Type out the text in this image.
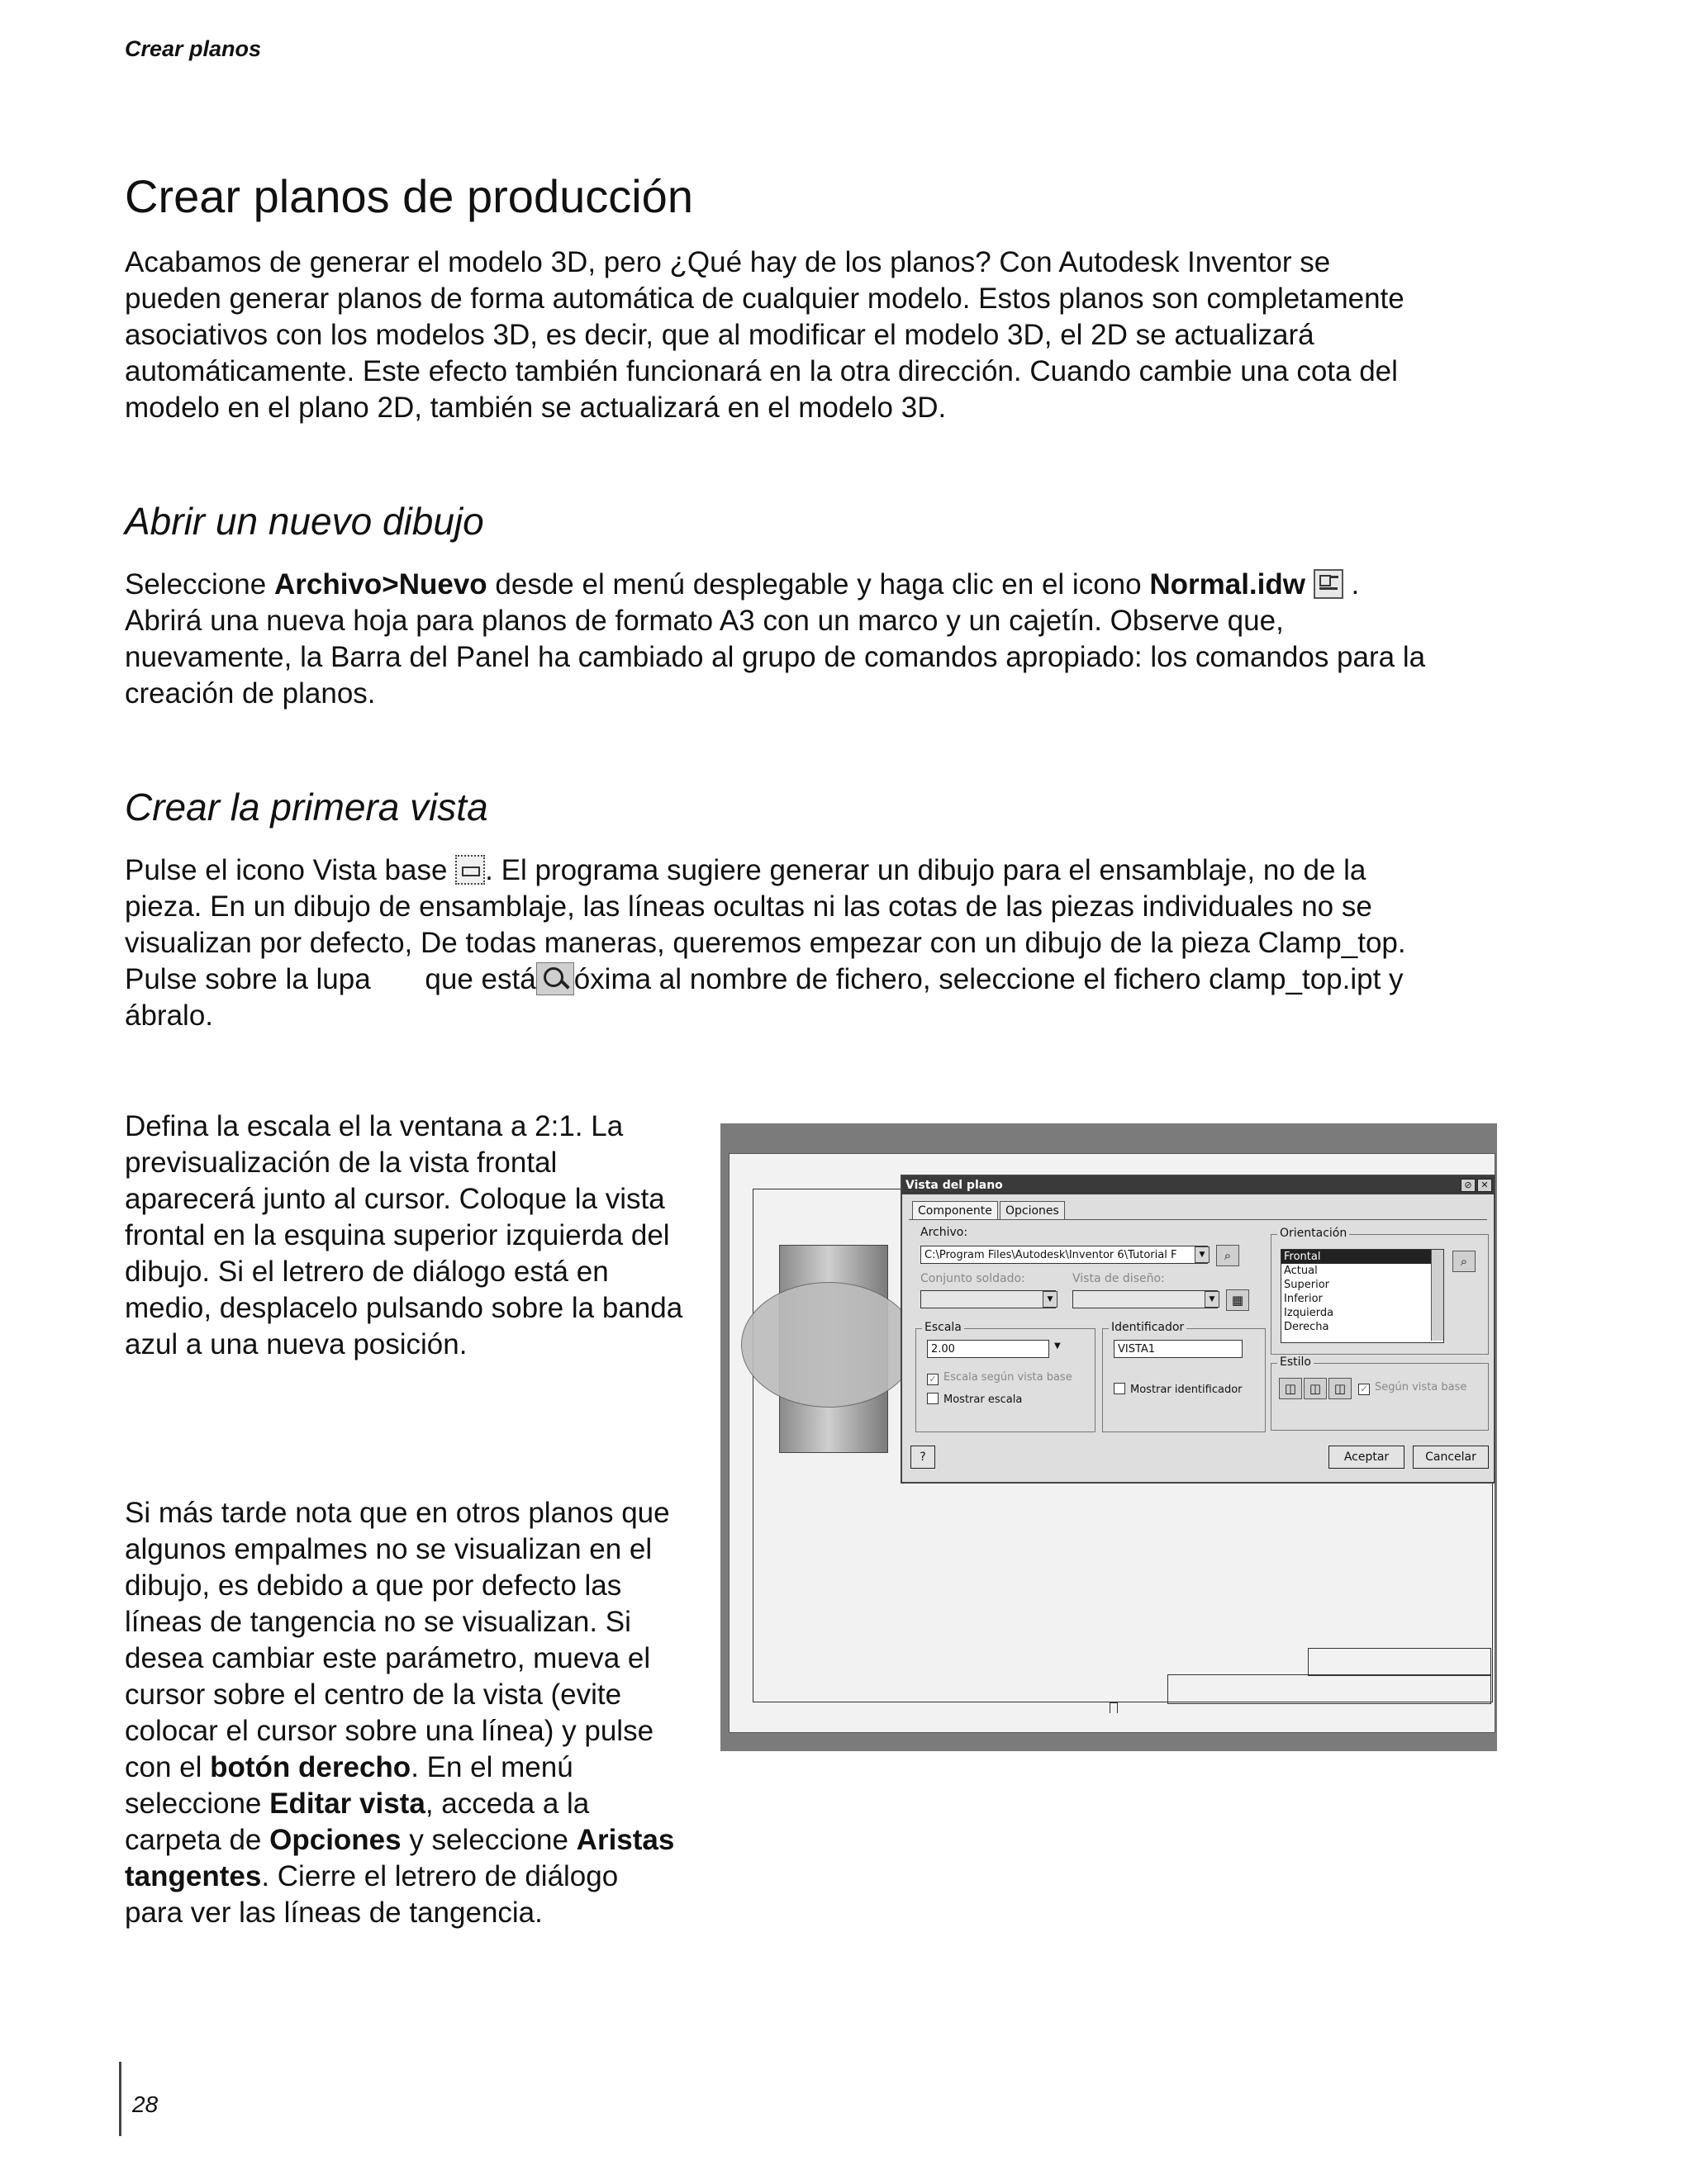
Crear planos
Crear planos de producción

Acabamos de generar el modelo 3D, pero ¿Qué hay de los planos? Con Autodesk Inventor se

pueden generar planos de forma automática de cualquier modelo. Estos planos son completamente

asociativos con los modelos 3D, es decir, que al modificar el modelo 3D, el 2D se actualizará

automáticamente. Este efecto también funcionará en la otra dirección. Cuando cambie una cota del

modelo en el plano 2D, también se actualizará en el modelo 3D.

Abrir un nuevo dibujo

Seleccione Archivo>Nuevo desde el menú desplegable y haga clic en el icono Normal.idw .

Abrirá una nueva hoja para planos de formato A3 con un marco y un cajetín. Observe que,

nuevamente, la Barra del Panel ha cambiado al grupo de comandos apropiado: los comandos para la

creación de planos.

Crear la primera vista

Pulse el icono Vista base
. El programa sugiere generar un dibujo para el ensamblaje, no de la

pieza. En un dibujo de ensamblaje, las líneas ocultas ni las cotas de las piezas individuales no se

visualizan por defecto, De todas maneras, queremos empezar con un dibujo de la pieza Clamp_top.

Pulse sobre la lupa que está óxima al nombre de fichero, seleccione el fichero clamp_top.ipt y

ábralo.

Defina la escala el la ventana a 2:1. La

previsualización de la vista frontal

aparecerá junto al cursor. Coloque la vista

frontal en la esquina superior izquierda del

dibujo. Si el letrero de diálogo está en

medio, desplacelo pulsando sobre la banda

azul a una nueva posición.

Si más tarde nota que en otros planos que

algunos empalmes no se visualizan en el

dibujo, es debido a que por defecto las

líneas de tangencia no se visualizan. Si

desea cambiar este parámetro, mueva el

cursor sobre el centro de la vista (evite

colocar el cursor sobre una línea) y pulse

con el botón derecho. En el menú

seleccione Editar vista, acceda a la

carpeta de Opciones y seleccione Aristas

tangentes. Cierre el letrero de diálogo

para ver las líneas de tangencia.

Vista del plano	⊘ ✕
Componente	Opciones
Archivo:
C:\Program Files\Autodesk\Inventor 6\Tutorial F	▼	⌕
Conjunto soldado:	Vista de diseño:
▼	▼	▦
Escala
2.00	▼
✓Escala según vista base
Mostrar escala
Identificador
VISTA1
Mostrar identificador
Orientación
Frontal
Actual
Superior
Inferior
Izquierda
Derecha
⌕
Estilo
◫	◫	◫
✓	Según vista base
?	Aceptar	Cancelar
28
